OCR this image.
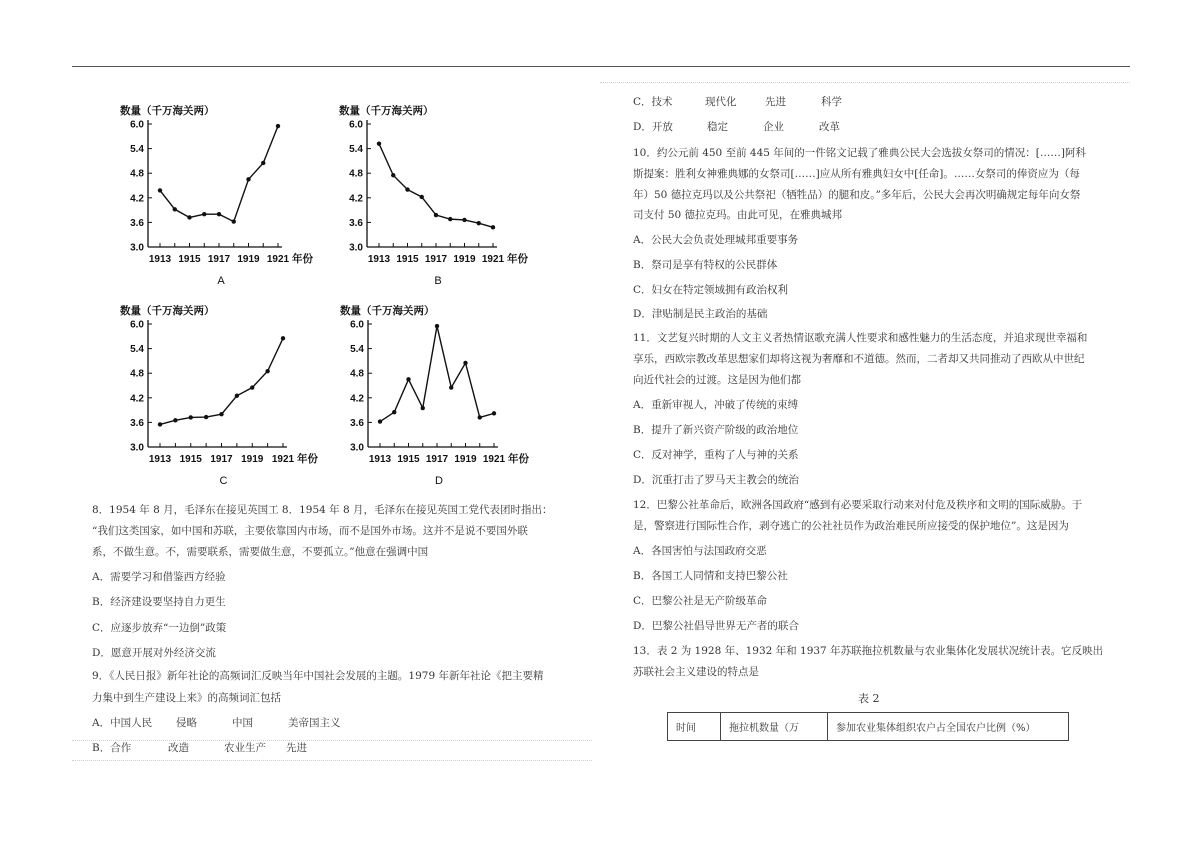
数量（千万海关两）
3.0
3.6
4.2
4.8
5.4
6.0
1913 1915 1917 1919 1921 年份
A
数量（千万海关两）
3.0
3.6
4.2
4.8
5.4
6.0
1913 1915 1917 1919 1921 年份
B
数量（千万海关两）
3.0
3.6
4.2
4.8
5.4
6.0
1913 1915 1917 1919 1921 年份
C
数量（千万海关两）
3.0
3.6
4.2
4.8
5.4
6.0
1913 1915 1917 1919 1921 年份
D
8．1954 年 8 月，毛泽东在接见英国工 8．1954 年 8 月，毛泽东在接见英国工党代表团时指出：
“我们这类国家，如中国和苏联，主要依靠国内市场，而不是国外市场。这并不是说不要国外联
系，不做生意。不，需要联系，需要做生意，不要孤立。”他意在强调中国
A．需要学习和借鉴西方经验
B．经济建设要坚持自力更生
C．应逐步放弃“一边倒”政策
D．愿意开展对外经济交流
9．《人民日报》新年社论的高频词汇反映当年中国社会发展的主题。1979 年新年社论《把主要精
力集中到生产建设上来》的高频词汇包括
A．中国人民 侵略	中国	美帝国主义
B．合作	改造	农业生产 先进
C．技术	现代化	先进	科学
D．开放	稳定	企业	改革
10．约公元前 450 至前 445 年间的一件铭文记载了雅典公民大会选拔女祭司的情况：[……]阿科
斯提案：胜利女神雅典娜的女祭司[……]应从所有雅典妇女中[任命]。……女祭司的俸资应为（每
年）50 德拉克玛以及公共祭祀（牺牲品）的腿和皮。”多年后，公民大会再次明确规定每年向女祭
司支付 50 德拉克玛。由此可见，在雅典城邦
A．公民大会负责处理城邦重要事务
B．祭司是享有特权的公民群体
C．妇女在特定领域拥有政治权利
D．津贴制是民主政治的基础
11．文艺复兴时期的人文主义者热情讴歌充满人性要求和感性魅力的生活态度，并追求现世幸福和
享乐，西欧宗教改革思想家们却将这视为奢靡和不道德。然而，二者却又共同推动了西欧从中世纪
向近代社会的过渡。这是因为他们都
A．重新审视人，冲破了传统的束缚
B．提升了新兴资产阶级的政治地位
C．反对神学，重构了人与神的关系
D．沉重打击了罗马天主教会的统治
12．巴黎公社革命后，欧洲各国政府“感到有必要采取行动来对付危及秩序和文明的国际威胁。于
是，警察进行国际性合作，剥夺逃亡的公社社员作为政治难民所应接受的保护地位”。这是因为
A．各国害怕与法国政府交恶
B．各国工人同情和支持巴黎公社
C．巴黎公社是无产阶级革命
D．巴黎公社倡导世界无产者的联合
13．表 2 为 1928 年、1932 年和 1937 年苏联拖拉机数量与农业集体化发展状况统计表。它反映出
苏联社会主义建设的特点是
表 2
时间	拖拉机数量（万	参加农业集体组织农户占全国农户比例（%）
